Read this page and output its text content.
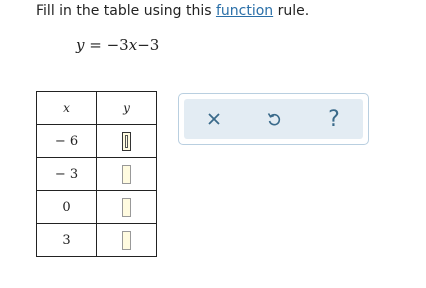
Fill in the table using this function rule.
y = −3x−3
x	y
− 6	
− 3	
0	
3	
?
